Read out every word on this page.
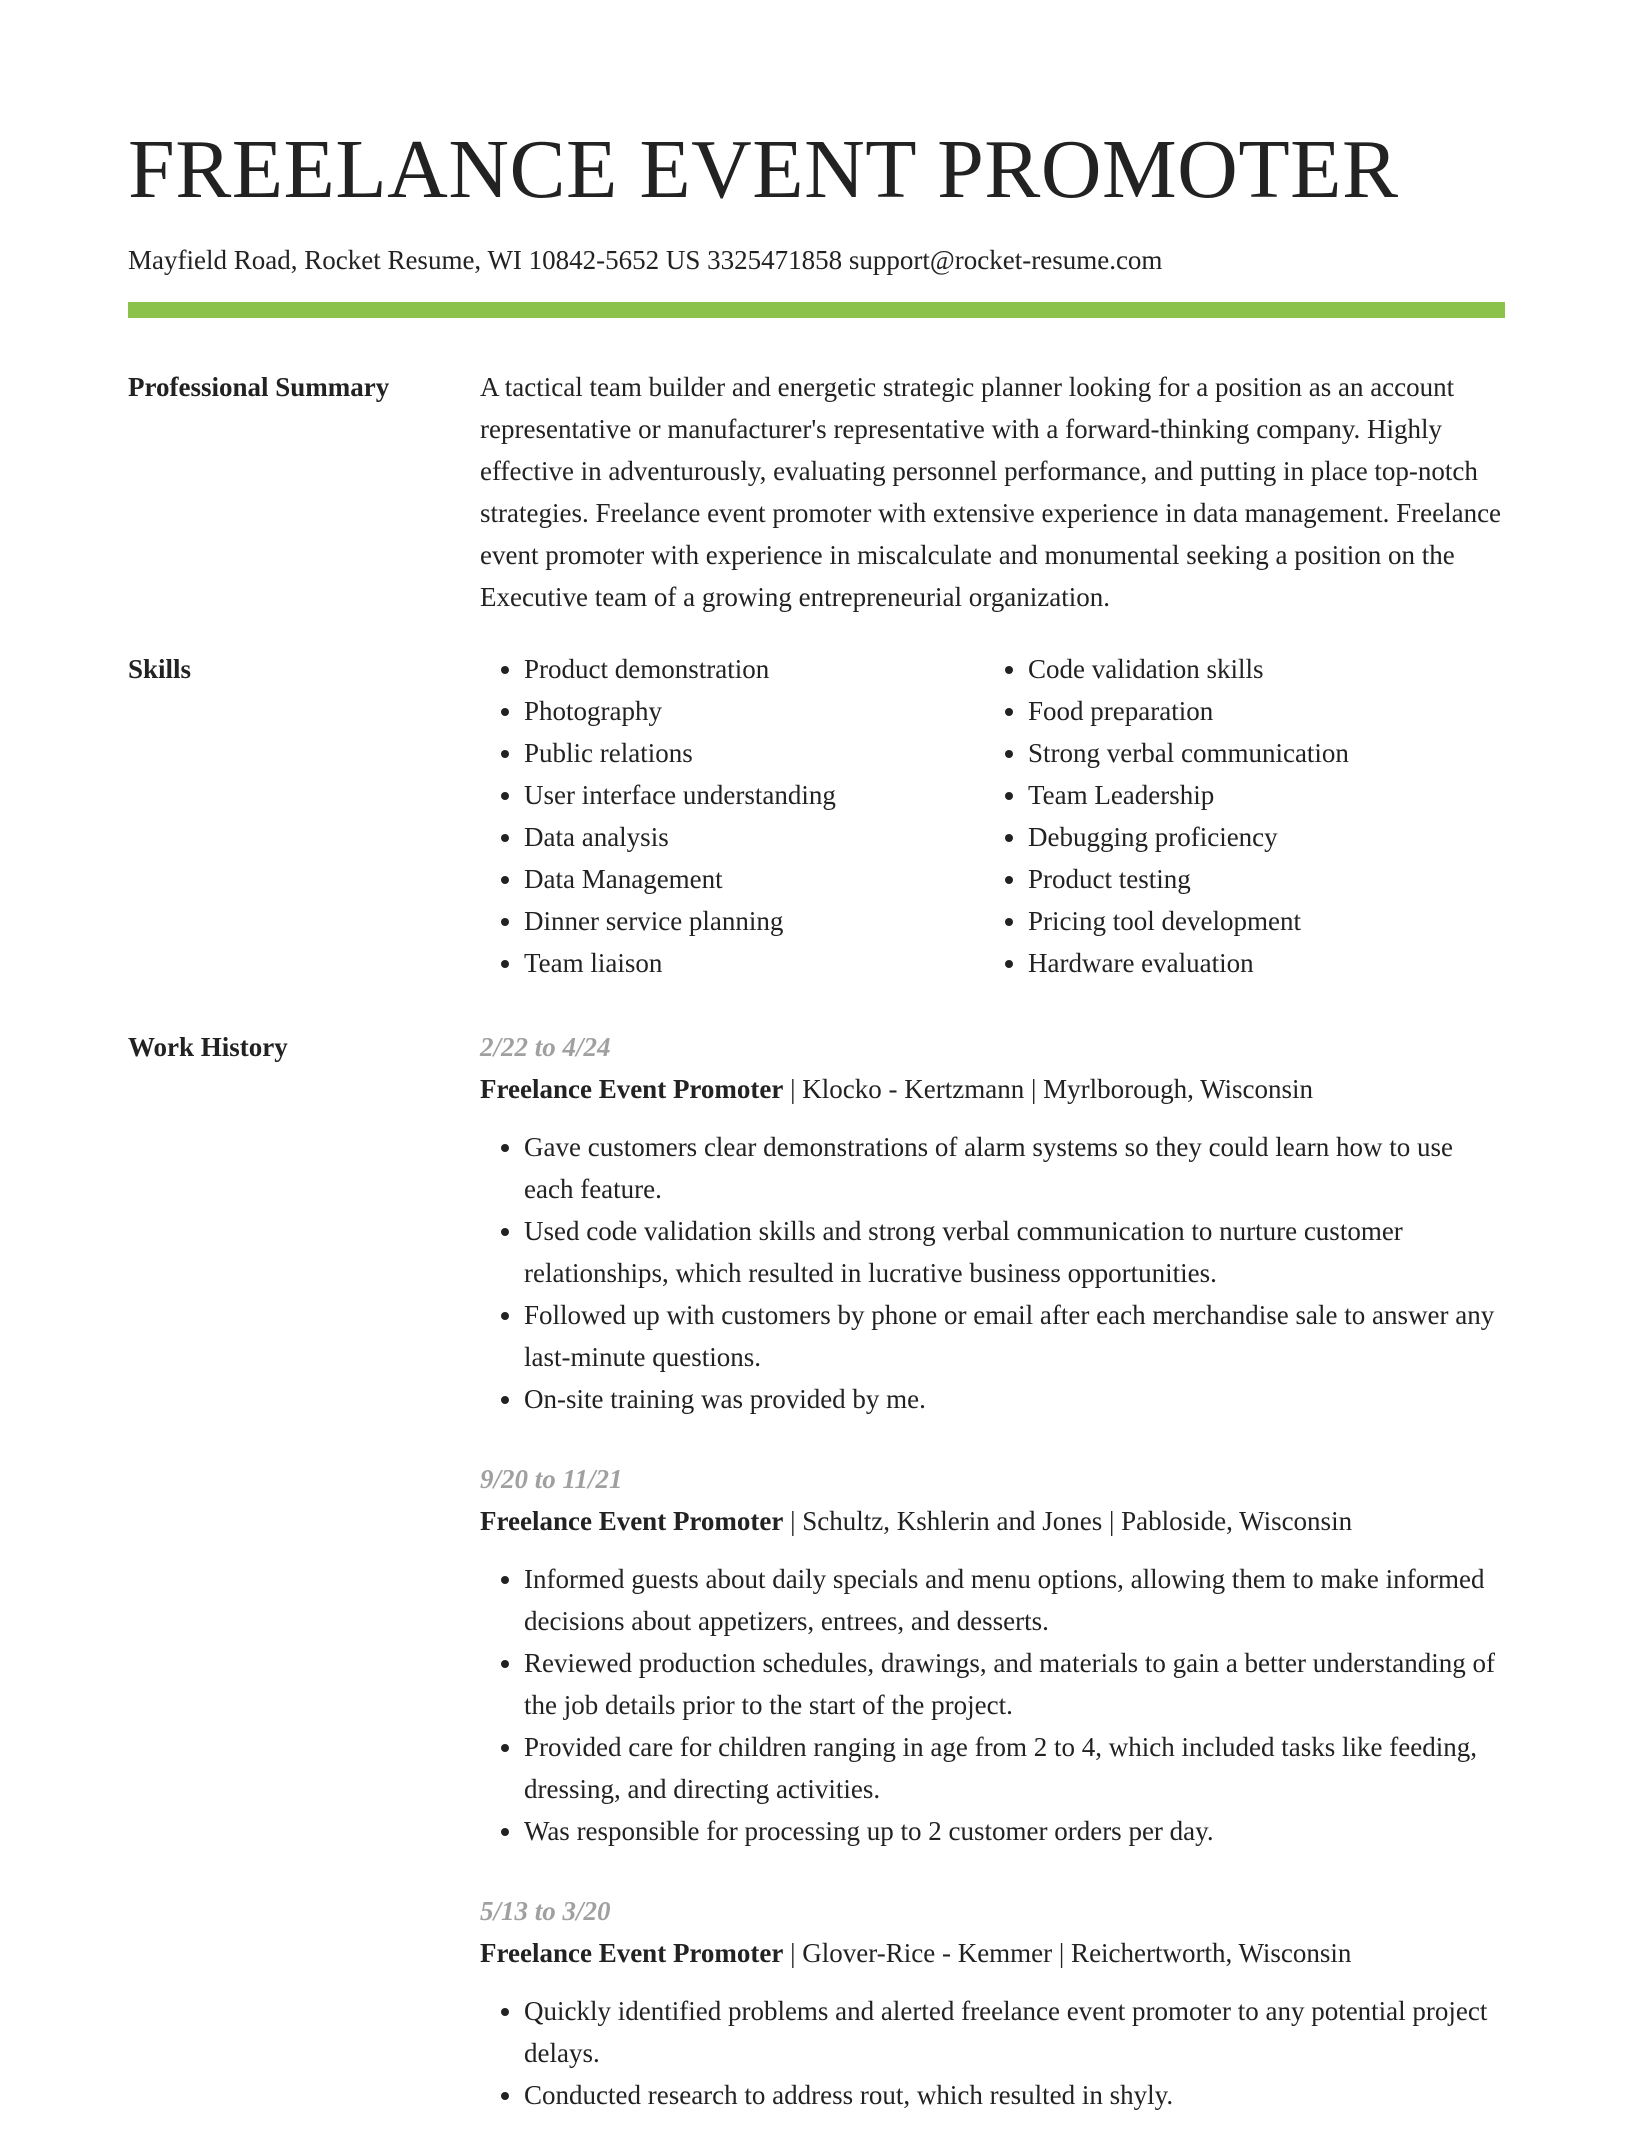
FREELANCE EVENT PROMOTER
Mayfield Road, Rocket Resume, WI 10842-5652 US 3325471858 support@rocket-resume.com
Professional Summary	A tactical team builder and energetic strategic planner looking for a position as an account representative or manufacturer's representative with a forward-thinking company. Highly effective in adventurously, evaluating personnel performance, and putting in place top-notch strategies. Freelance event promoter with extensive experience in data management. Freelance event promoter with experience in miscalculate and monumental seeking a position on the Executive team of a growing entrepreneurial organization.

Skills
•	Product demonstration
• Photography
• Public relations
• User interface understanding
• Data analysis
• Data Management
• Dinner service planning
• Team liaison
• Code validation skills
• Food preparation
• Strong verbal communication
• Team Leadership
• Debugging proficiency
• Product testing
• Pricing tool development
• Hardware evaluation
Work History	2/22 to 4/24
Freelance Event Promoter | Klocko - Kertzmann | Myrlborough, Wisconsin
• Gave customers clear demonstrations of alarm systems so they could learn how to use each feature.
• Used code validation skills and strong verbal communication to nurture customer relationships, which resulted in lucrative business opportunities.
• Followed up with customers by phone or email after each merchandise sale to answer any last-minute questions.
• On-site training was provided by me.
9/20 to 11/21
Freelance Event Promoter | Schultz, Kshlerin and Jones | Pabloside, Wisconsin
• Informed guests about daily specials and menu options, allowing them to make informed decisions about appetizers, entrees, and desserts.
• Reviewed production schedules, drawings, and materials to gain a better understanding of the job details prior to the start of the project.
• Provided care for children ranging in age from 2 to 4, which included tasks like feeding, dressing, and directing activities.
• Was responsible for processing up to 2 customer orders per day.
5/13 to 3/20
Freelance Event Promoter | Glover-Rice - Kemmer | Reichertworth, Wisconsin
• Quickly identified problems and alerted freelance event promoter to any potential project delays.
• Conducted research to address rout, which resulted in shyly.
